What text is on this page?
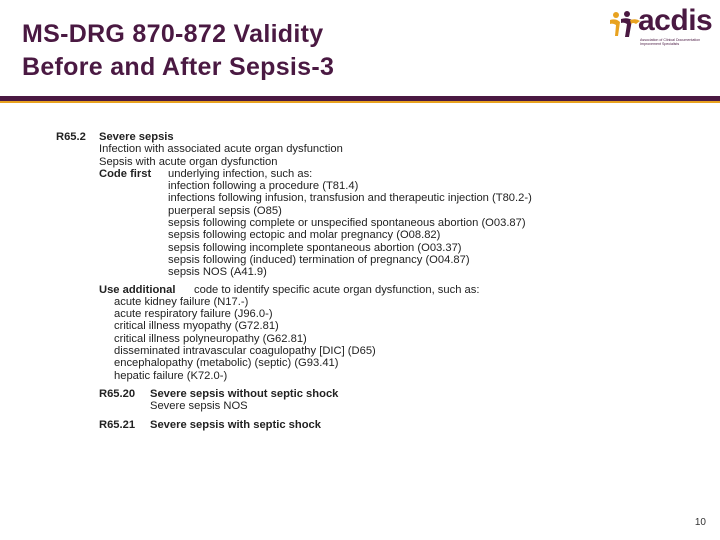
MS-DRG 870-872 Validity
Before and After Sepsis-3
acdis
Association of Clinical Documentation Improvement Specialists
R65.2 Severe sepsis
Infection with associated acute organ dysfunction
Sepsis with acute organ dysfunction
Code first underlying infection, such as:
infection following a procedure (T81.4)
infections following infusion, transfusion and therapeutic injection (T80.2-)
puerperal sepsis (O85)
sepsis following complete or unspecified spontaneous abortion (O03.87)
sepsis following ectopic and molar pregnancy (O08.82)
sepsis following incomplete spontaneous abortion (O03.37)
sepsis following (induced) termination of pregnancy (O04.87)
sepsis NOS (A41.9)
Use additional code to identify specific acute organ dysfunction, such as:
acute kidney failure (N17.-)
acute respiratory failure (J96.0-)
critical illness myopathy (G72.81)
critical illness polyneuropathy (G62.81)
disseminated intravascular coagulopathy [DIC] (D65)
encephalopathy (metabolic) (septic) (G93.41)
hepatic failure (K72.0-)
R65.20 Severe sepsis without septic shock
Severe sepsis NOS
R65.21 Severe sepsis with septic shock
10
